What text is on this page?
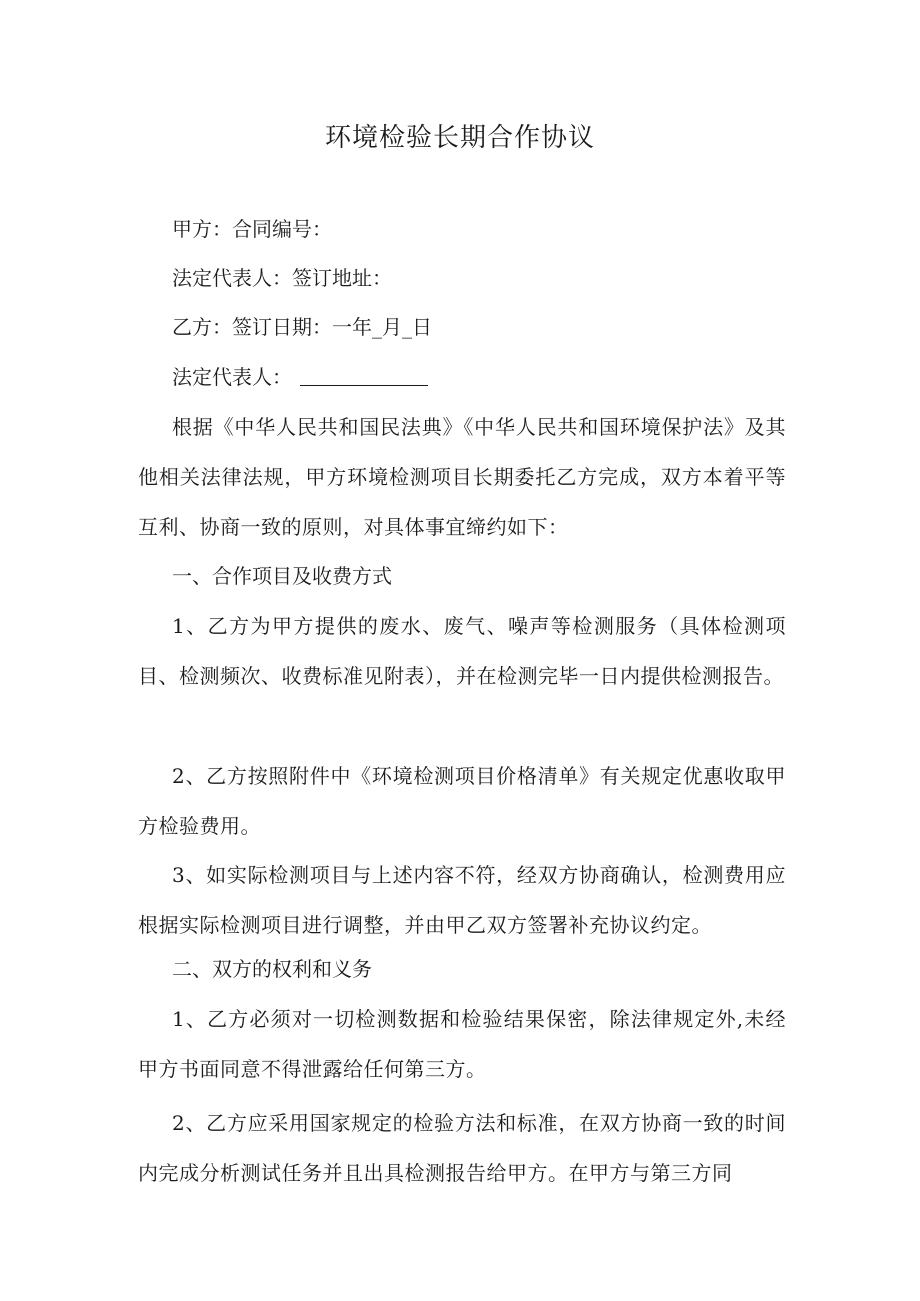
环境检验长期合作协议
甲方：合同编号：
法定代表人：签订地址：
乙方：签订日期：一年_月_日
法定代表人：
根据《中华人民共和国民法典》《中华人民共和国环境保护法》及其他相关法律法规，甲方环境检测项目长期委托乙方完成，双方本着平等互利、协商一致的原则，对具体事宜缔约如下：
一、合作项目及收费方式
1、乙方为甲方提供的废水、废气、噪声等检测服务（具体检测项目、检测频次、收费标准见附表），并在检测完毕一日内提供检测报告。
2、乙方按照附件中《环境检测项目价格清单》有关规定优惠收取甲方检验费用。
3、如实际检测项目与上述内容不符，经双方协商确认，检测费用应根据实际检测项目进行调整，并由甲乙双方签署补充协议约定。
二、双方的权利和义务
1、乙方必须对一切检测数据和检验结果保密，除法律规定外,未经甲方书面同意不得泄露给任何第三方。
2、乙方应采用国家规定的检验方法和标准，在双方协商一致的时间内完成分析测试任务并且出具检测报告给甲方。在甲方与第三方同
